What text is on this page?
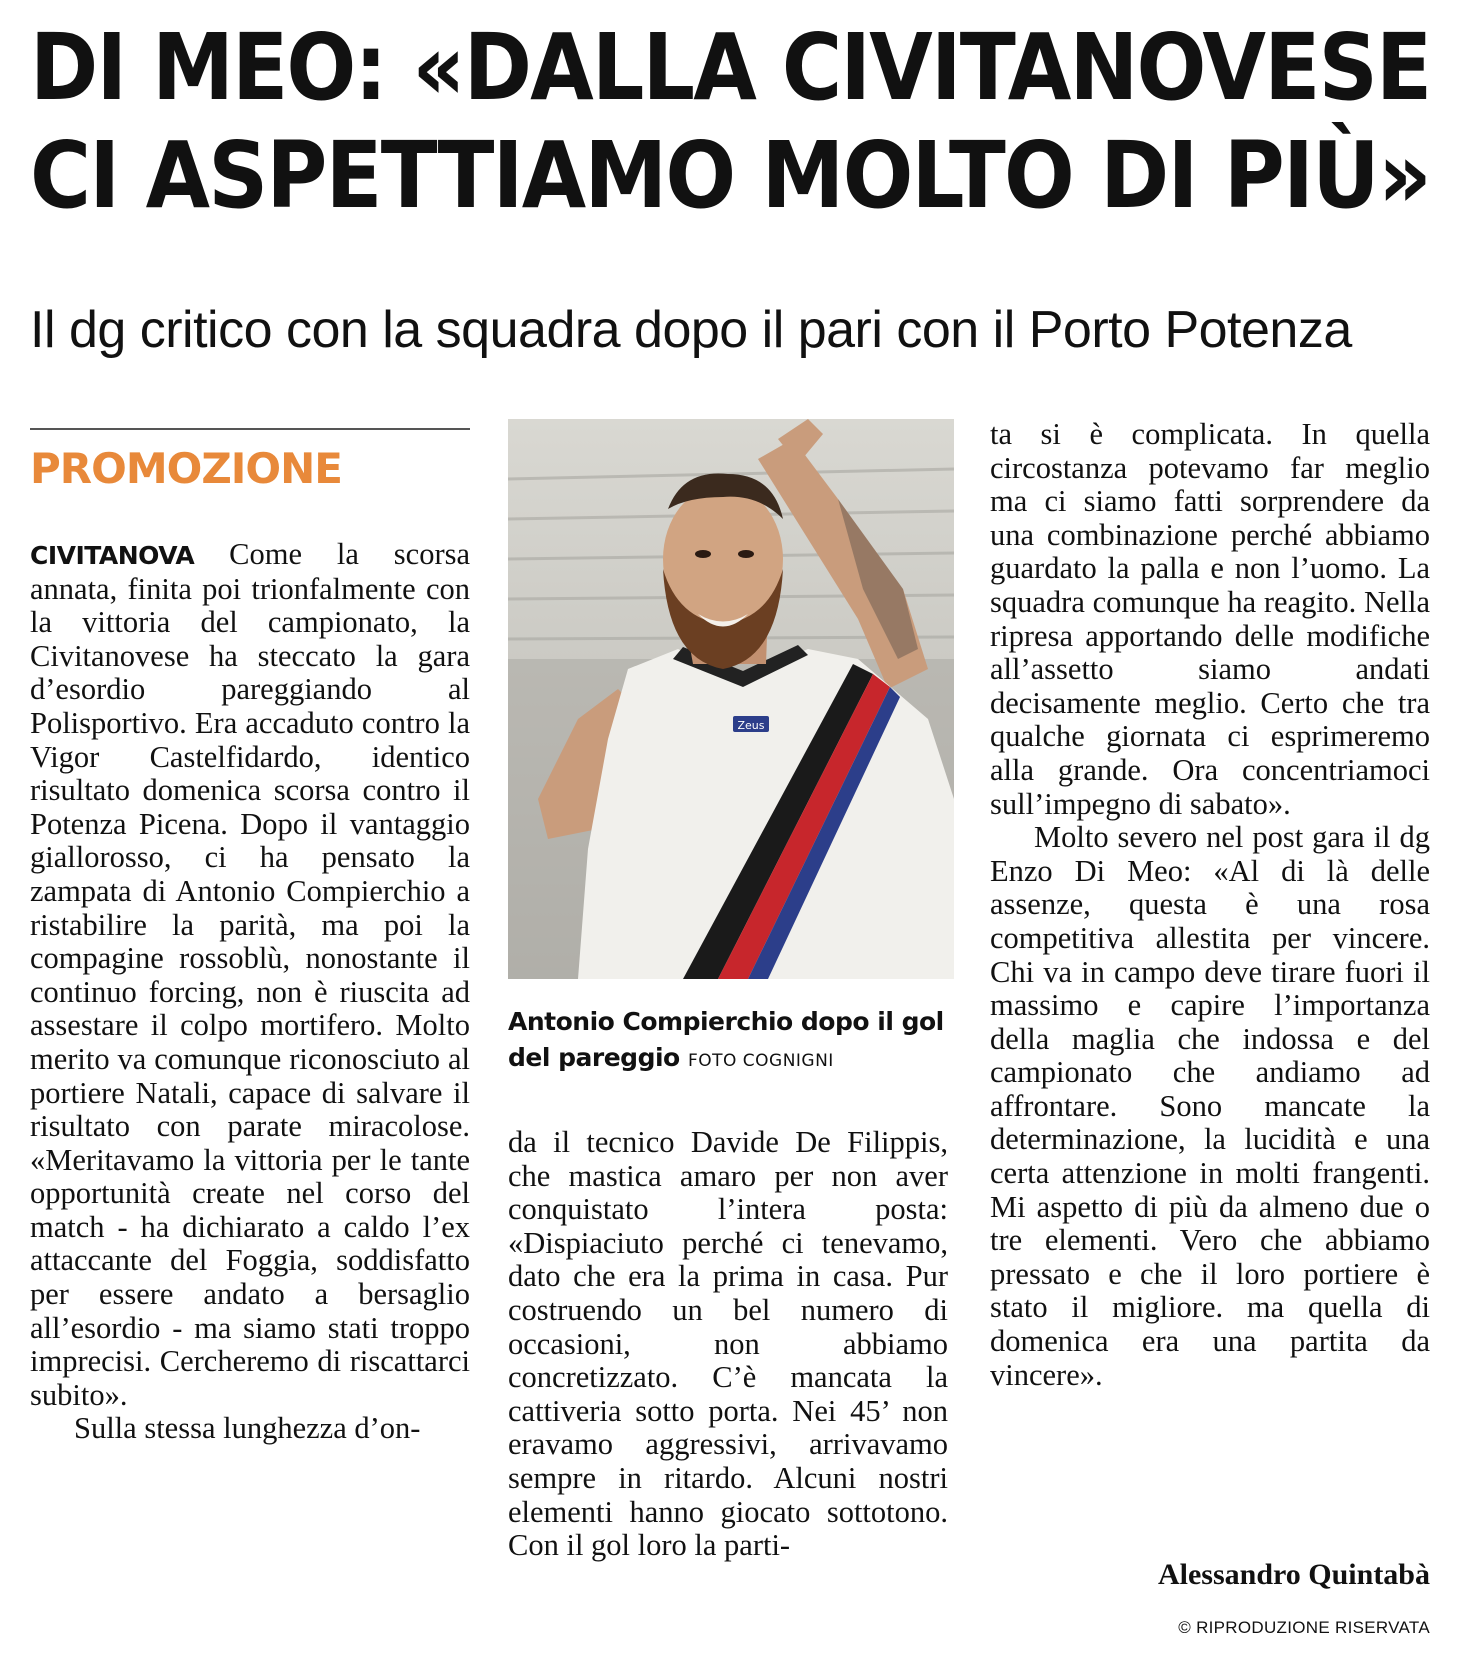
DI MEO: «DALLA CIVITANOVESE
CI ASPETTIAMO MOLTO DI PIÙ»
Il dg critico con la squadra dopo il pari con il Porto Potenza
PROMOZIONE

CIVITANOVA Come la scorsa annata, finita poi trionfalmente con la vittoria del campionato, la Civitanovese ha steccato la gara d’esordio pareggiando al Polisportivo. Era accaduto contro la Vigor Castelfidardo, identico risultato domenica scorsa contro il Potenza Picena. Dopo il vantaggio giallorosso, ci ha pensato la zampata di Antonio Compierchio a ristabilire la parità, ma poi la compagine rossoblù, nonostante il continuo forcing, non è riuscita ad assestare il colpo mortifero. Molto merito va comunque riconosciuto al portiere Natali, capace di salvare il risultato con parate miracolose. «Meritavamo la vittoria per le tante opportunità create nel corso del match - ha dichiarato a caldo l’ex attaccante del Foggia, soddisfatto per essere andato a bersaglio all’esordio - ma siamo stati troppo imprecisi. Cercheremo di riscattarci subito».

Sulla stessa lunghezza d’on-

Zeus
Antonio Compierchio dopo il gol del pareggio FOTO COGNIGNI

da il tecnico Davide De Filippis, che mastica amaro per non aver conquistato l’intera posta: «Dispiaciuto perché ci tenevamo, dato che era la prima in casa. Pur costruendo un bel numero di occasioni, non abbiamo concretizzato. C’è mancata la cattiveria sotto porta. Nei 45’ non eravamo aggressivi, arrivavamo sempre in ritardo. Alcuni nostri elementi hanno giocato sottotono. Con il gol loro la parti-

ta si è complicata. In quella circostanza potevamo far meglio ma ci siamo fatti sorprendere da una combinazione perché abbiamo guardato la palla e non l’uomo. La squadra comunque ha reagito. Nella ripresa apportando delle modifiche all’assetto siamo andati decisamente meglio. Certo che tra qualche giornata ci esprimeremo alla grande. Ora concentriamoci sull’impegno di sabato».

Molto severo nel post gara il dg Enzo Di Meo: «Al di là delle assenze, questa è una rosa competitiva allestita per vincere. Chi va in campo deve tirare fuori il massimo e capire l’importanza della maglia che indossa e del campionato che andiamo ad affrontare. Sono mancate la determinazione, la lucidità e una certa attenzione in molti frangenti. Mi aspetto di più da almeno due o tre elementi. Vero che abbiamo pressato e che il loro portiere è stato il migliore. ma quella di domenica era una partita da vincere».

Alessandro Quintabà
© RIPRODUZIONE RISERVATA
